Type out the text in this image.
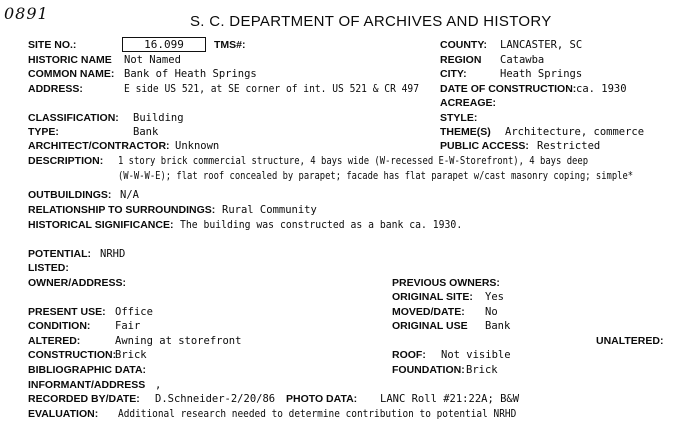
0891	S. C. DEPARTMENT OF ARCHIVES AND HISTORY
SITE NO.:	16.099	TMS#:
HISTORIC NAME Not Named
COMMON NAME: Bank of Heath Springs
ADDRESS:	E side US 521, at SE corner of int. US 521 & CR 497
COUNTY: LANCASTER, SC
REGION Catawba
CITY:	Heath Springs
DATE OF CONSTRUCTION: ca. 1930
ACREAGE:
CLASSIFICATION: Building	STYLE:
TYPE:	Bank	THEME(S) Architecture, commerce
ARCHITECT/CONTRACTOR: Unknown	PUBLIC ACCESS: Restricted
DESCRIPTION: 1 story brick commercial structure, 4 bays wide (W-recessed E-W-Storefront), 4 bays deep
(W-W-W-E); flat roof concealed by parapet; facade has flat parapet w/cast masonry coping; simple*
OUTBUILDINGS: N/A
RELATIONSHIP TO SURROUNDINGS: Rural Community
HISTORICAL SIGNIFICANCE: The building was constructed as a bank ca. 1930.
POTENTIAL: NRHD
LISTED:
OWNER/ADDRESS:	PREVIOUS OWNERS:
ORIGINAL SITE: Yes
MOVED/DATE: No
ORIGINAL USE Bank
UNALTERED:
ROOF: Not visible
FOUNDATION: Brick
PRESENT USE: Office
CONDITION: Fair
ALTERED:	Awning at storefront
CONSTRUCTION:
Brick
BIBLIOGRAPHIC DATA:
INFORMANT/ADDRESS ‚
RECORDED BY/DATE: D.Schneider-2/20/86 PHOTO DATA: LANC Roll #21:22A; B&W
EVALUATION: Additional research needed to determine contribution to potential NRHD
